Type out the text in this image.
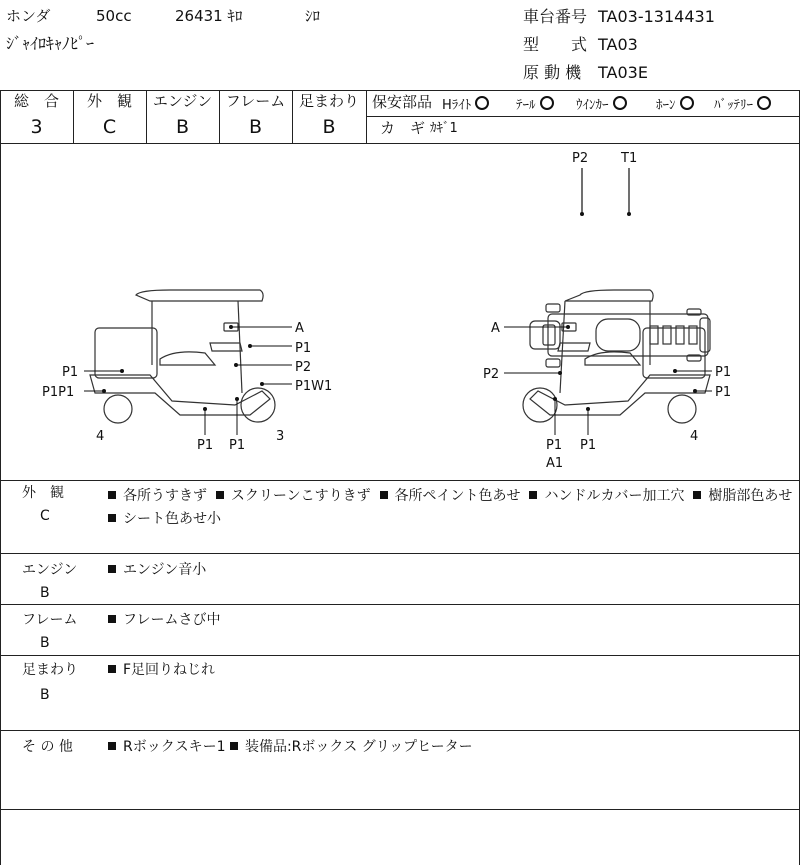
ホンダ	50cc	26431 ｷﾛ	ｼﾛ
ｼﾞｬｲﾛｷｬﾉﾋﾟｰ
車台番号 TA03-1314431
型　　式 TA03
原 動 機 TA03E
総　合
3
外　観
C
エンジン
B
フレーム
B
足まわり
B
保安部品 Hﾗｲﾄ	ﾃｰﾙ	ｳｲﾝｶｰ	ﾎｰﾝ	ﾊﾞｯﾃﾘｰ
カ　ギ ｶｷﾞ1
P2	T1
A
P1
P2
P1W1
P1
P1P1
P1 P1
4	3
A
P2	P1
P1
P1 P1
A1
4
外　観
C
各所うすきず スクリーンこすりきず 各所ペイント色あせ ハンドルカバー加工穴 樹脂部色あせ  シート色あせ小
エンジン
B
エンジン音小
フレーム
B
フレームさび中
足まわり
B
F足回りねじれ
そ の 他	Rボックスキー1 装備品:Rボックス グリップヒーター
